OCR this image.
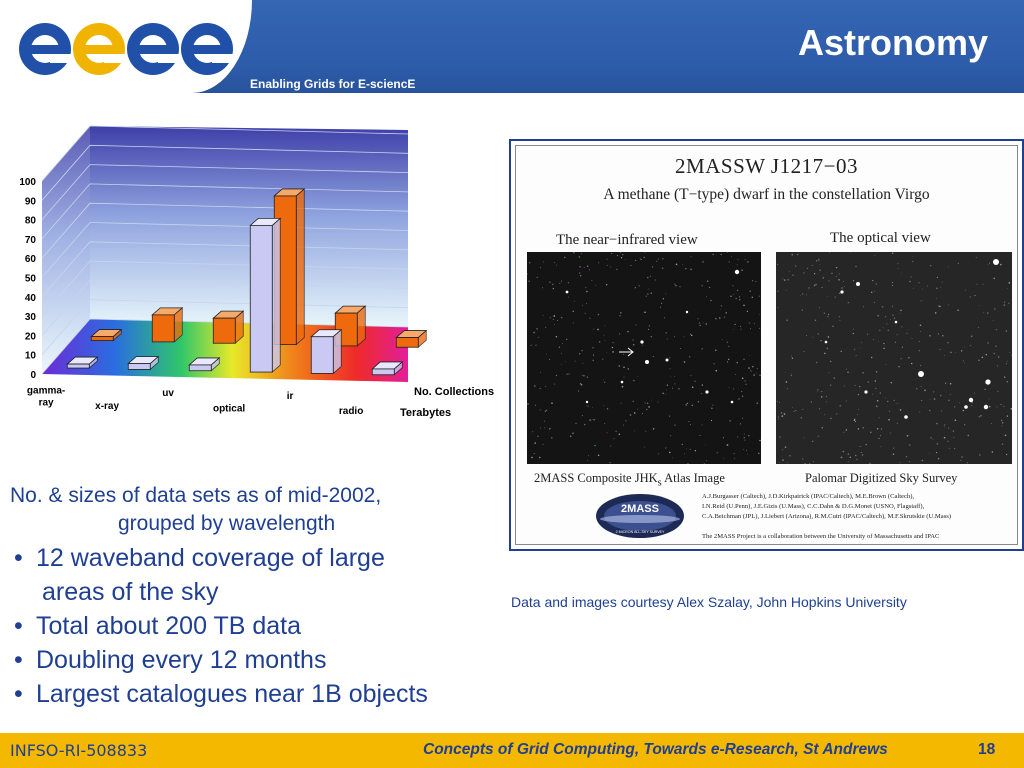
Enabling Grids for E-sciencE
Astronomy
0
10
20
30
40
50
60
70
80
90
100
gamma-
ray	x-ray
uv
optical
ir
radio
No. Collections
Terabytes
2MASSW J1217−03
A methane (T−type) dwarf in the constellation Virgo
The near−infrared view	The optical view
2MASS Composite $JHK_s$ Atlas Image	Palomar Digitized Sky Survey
2MASS
2 MICRON ALL-SKY SURVEY
A.J.Burgasser (Caltech), J.D.Kirkpatrick (IPAC/Caltech), M.E.Brown (Caltech),
I.N.Reid (U.Penn), J.E.Gizis (U.Mass), C.C.Dahn & D.G.Monet (USNO, Flagstaff),
C.A.Beichman (JPL), J.Liebert (Arizona), R.M.Cutri (IPAC/Caltech), M.F.Skrutskie (U.Mass)
The 2MASS Project is a collaboration between the University of Massachusetts and IPAC
Data and images courtesy Alex Szalay, John Hopkins University
No. & sizes of data sets as of mid-2002,
grouped by wavelength
• 12 waveband coverage of large
areas of the sky
• Total about 200 TB data
• Doubling every 12 months
• Largest catalogues near 1B objects
INFSO-RI-508833	Concepts of Grid Computing, Towards e-Research, St Andrews	18
